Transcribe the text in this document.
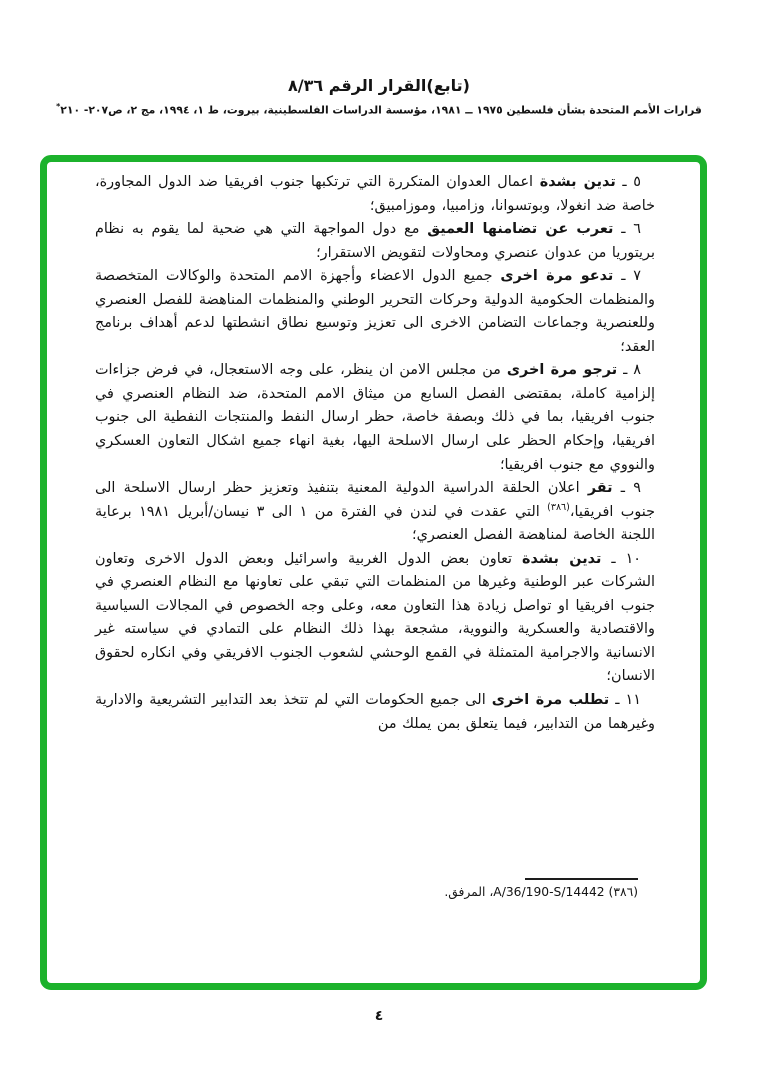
(تابع)القرار الرقم ٨/٣٦
قرارات الأمم المتحدة بشأن فلسطين ١٩٧٥ ــ ١٩٨١، مؤسسة الدراسات الفلسطينية، بيروت، ط ١، ١٩٩٤، مج ٢، ص٢٠٧- ٢١٠*

٥ ـ تدين بشدة اعمال العدوان المتكررة التي ترتكبها جنوب افريقيا ضد الدول المجاورة، خاصة ضد انغولا، وبوتسوانا، وزامبيا، وموزامبيق؛

٦ ـ تعرب عن تضامنها العميق مع دول المواجهة التي هي ضحية لما يقوم به نظام بريتوريا من عدوان عنصري ومحاولات لتقويض الاستقرار؛

٧ ـ تدعو مرة اخرى جميع الدول الاعضاء وأجهزة الامم المتحدة والوكالات المتخصصة والمنظمات الحكومية الدولية وحركات التحرير الوطني والمنظمات المناهضة للفصل العنصري وللعنصرية وجماعات التضامن الاخرى الى تعزيز وتوسيع نطاق انشطتها لدعم أهداف برنامج العقد؛

٨ ـ ترجو مرة اخرى من مجلس الامن ان ينظر، على وجه الاستعجال، في فرض جزاءات إلزامية كاملة، بمقتضى الفصل السابع من ميثاق الامم المتحدة، ضد النظام العنصري في جنوب افريقيا، بما في ذلك وبصفة خاصة، حظر ارسال النفط والمنتجات النفطية الى جنوب افريقيا، وإحكام الحظر على ارسال الاسلحة اليها، بغية انهاء جميع اشكال التعاون العسكري والنووي مع جنوب افريقيا؛

٩ ـ تقر اعلان الحلقة الدراسية الدولية المعنية بتنفيذ وتعزيز حظر ارسال الاسلحة الى جنوب افريقيا،$^{(٣٨٦)}$ التي عقدت في لندن في الفترة من ١ الى ٣ نيسان/أبريل ١٩٨١ برعاية اللجنة الخاصة لمناهضة الفصل العنصري؛

١٠ ـ تدين بشدة تعاون بعض الدول الغربية واسرائيل وبعض الدول الاخرى وتعاون الشركات عبر الوطنية وغيرها من المنظمات التي تبقي على تعاونها مع النظام العنصري في جنوب افريقيا او تواصل زيادة هذا التعاون معه، وعلى وجه الخصوص في المجالات السياسية والاقتصادية والعسكرية والنووية، مشجعة بهذا ذلك النظام على التمادي في سياسته غير الانسانية والاجرامية المتمثلة في القمع الوحشي لشعوب الجنوب الافريقي وفي انكاره لحقوق الانسان؛

١١ ـ تطلب مرة اخرى الى جميع الحكومات التي لم تتخذ بعد التدابير التشريعية والادارية وغيرهما من التدابير، فيما يتعلق بمن يملك من

(٣٨٦) A/36/190-S/14442، المرفق.
٤
